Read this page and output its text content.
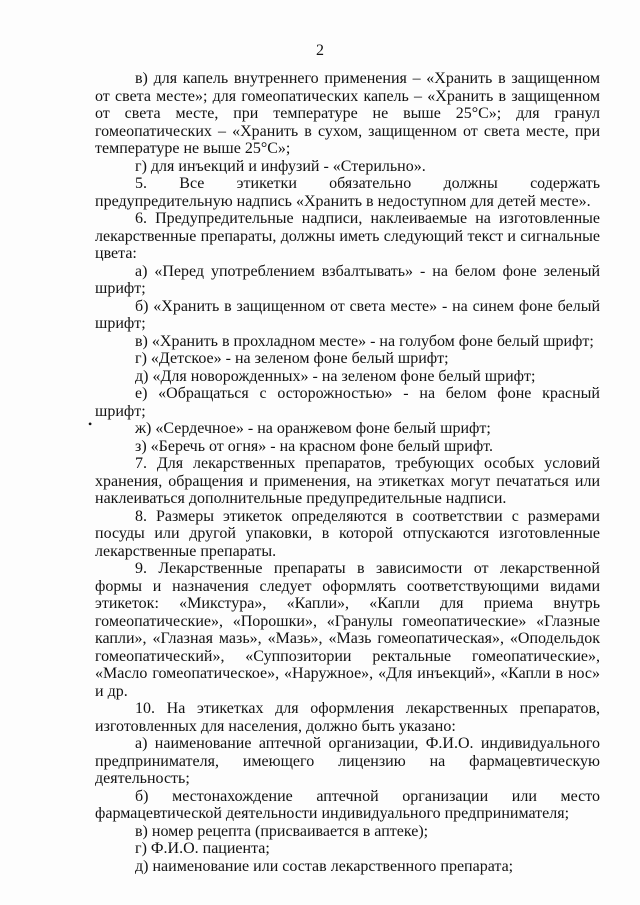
2
•

в) для капель внутреннего применения – «Хранить в защищенном от света месте»; для гомеопатических капель – «Хранить в защищенном от света месте, при температуре не выше 25°С»; для гранул гомеопатических – «Хранить в сухом, защищенном от света месте, при температуре не выше 25°С»;

г) для инъекций и инфузий - «Стерильно».

5. Все этикетки обязательно должны содержать предупредительную надпись «Хранить в недоступном для детей месте».

6. Предупредительные надписи, наклеиваемые на изготовленные лекарственные препараты, должны иметь следующий текст и сигнальные цвета:

а) «Перед употреблением взбалтывать» - на белом фоне зеленый шрифт;

б) «Хранить в защищенном от света месте» - на синем фоне белый шрифт;

в) «Хранить в прохладном месте» - на голубом фоне белый шрифт;

г) «Детское» - на зеленом фоне белый шрифт;

д) «Для новорожденных» - на зеленом фоне белый шрифт;

е) «Обращаться с осторожностью» - на белом фоне красный шрифт;

ж) «Сердечное» - на оранжевом фоне белый шрифт;

з) «Беречь от огня» - на красном фоне белый шрифт.

7. Для лекарственных препаратов, требующих особых условий хранения, обращения и применения, на этикетках могут печататься или наклеиваться дополнительные предупредительные надписи.

8. Размеры этикеток определяются в соответствии с размерами посуды или другой упаковки, в которой отпускаются изготовленные лекарственные препараты.

9. Лекарственные препараты в зависимости от лекарственной формы и назначения следует оформлять соответствующими видами этикеток: «Микстура», «Капли», «Капли для приема внутрь гомеопатические», «Порошки», «Гранулы гомеопатические» «Глазные капли», «Глазная мазь», «Мазь», «Мазь гомеопатическая», «Оподельдок гомеопатический», «Суппозитории ректальные гомеопатические», «Масло гомеопатическое», «Наружное», «Для инъекций», «Капли в нос» и др.

10. На этикетках для оформления лекарственных препаратов, изготовленных для населения, должно быть указано:

а) наименование аптечной организации, Ф.И.О. индивидуального предпринимателя, имеющего лицензию на фармацевтическую деятельность;

б) местонахождение аптечной организации или место фармацевтической деятельности индивидуального предпринимателя;

в) номер рецепта (присваивается в аптеке);

г) Ф.И.О. пациента;

д) наименование или состав лекарственного препарата;
